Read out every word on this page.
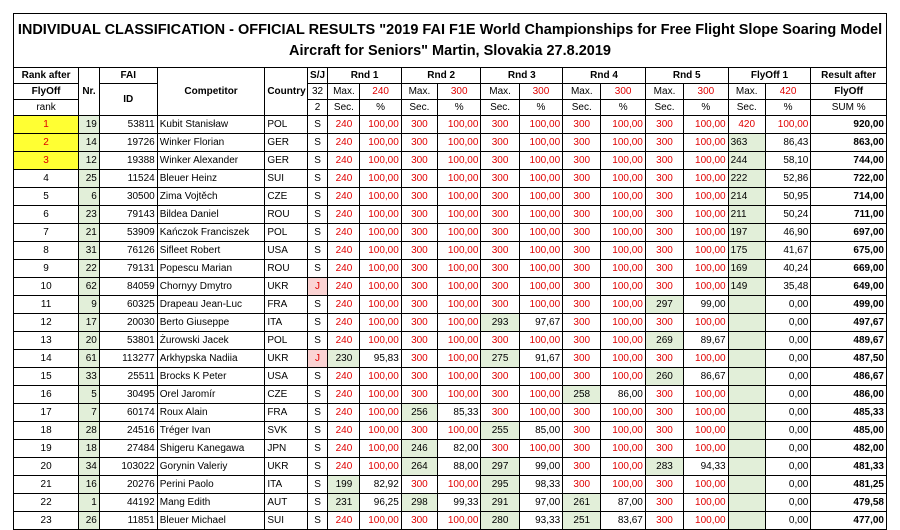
INDIVIDUAL CLASSIFICATION - OFFICIAL RESULTS "2019 FAI F1E World Championships for Free Flight Slope Soaring Model
Aircraft for Seniors" Martin, Slovakia 27.8.2019
Rank after	Nr.	FAI	Competitor	Country	S/J	Rnd 1		Rnd 2		Rnd 3		Rnd 4		Rnd 5		FlyOff 1		Result after
FlyOff		ID			32	Max.	240	Max.	300	Max.	300	Max.	300	Max.	300	Max.	420	FlyOff
rank					2	Sec.	%	Sec.	%	Sec.	%	Sec.	%	Sec.	%	Sec.	%	SUM %
1	19	53811	Kubit Stanisław	POL	S	240	100,00	300	100,00	300	100,00	300	100,00	300	100,00	420	100,00	920,00
2	14	19726	Winker Florian	GER	S	240	100,00	300	100,00	300	100,00	300	100,00	300	100,00	363	86,43	863,00
3	12	19388	Winker Alexander	GER	S	240	100,00	300	100,00	300	100,00	300	100,00	300	100,00	244	58,10	744,00
4	25	11524	Bleuer Heinz	SUI	S	240	100,00	300	100,00	300	100,00	300	100,00	300	100,00	222	52,86	722,00
5	6	30500	Zima Vojtěch	CZE	S	240	100,00	300	100,00	300	100,00	300	100,00	300	100,00	214	50,95	714,00
6	23	79143	Bildea Daniel	ROU	S	240	100,00	300	100,00	300	100,00	300	100,00	300	100,00	211	50,24	711,00
7	21	53909	Kańczok Franciszek	POL	S	240	100,00	300	100,00	300	100,00	300	100,00	300	100,00	197	46,90	697,00
8	31	76126	Sifleet Robert	USA	S	240	100,00	300	100,00	300	100,00	300	100,00	300	100,00	175	41,67	675,00
9	22	79131	Popescu Marian	ROU	S	240	100,00	300	100,00	300	100,00	300	100,00	300	100,00	169	40,24	669,00
10	62	84059	Chornyy Dmytro	UKR	J	240	100,00	300	100,00	300	100,00	300	100,00	300	100,00	149	35,48	649,00
11	9	60325	Drapeau Jean-Luc	FRA	S	240	100,00	300	100,00	300	100,00	300	100,00	297	99,00		0,00	499,00
12	17	20030	Berto Giuseppe	ITA	S	240	100,00	300	100,00	293	97,67	300	100,00	300	100,00		0,00	497,67
13	20	53801	Żurowski Jacek	POL	S	240	100,00	300	100,00	300	100,00	300	100,00	269	89,67		0,00	489,67
14	61	113277	Arkhypska Nadiia	UKR	J	230	95,83	300	100,00	275	91,67	300	100,00	300	100,00		0,00	487,50
15	33	25511	Brocks K Peter	USA	S	240	100,00	300	100,00	300	100,00	300	100,00	260	86,67		0,00	486,67
16	5	30495	Orel Jaromír	CZE	S	240	100,00	300	100,00	300	100,00	258	86,00	300	100,00		0,00	486,00
17	7	60174	Roux Alain	FRA	S	240	100,00	256	85,33	300	100,00	300	100,00	300	100,00		0,00	485,33
18	28	24516	Tréger Ivan	SVK	S	240	100,00	300	100,00	255	85,00	300	100,00	300	100,00		0,00	485,00
19	18	27484	Shigeru Kanegawa	JPN	S	240	100,00	246	82,00	300	100,00	300	100,00	300	100,00		0,00	482,00
20	34	103022	Gorynin Valeriy	UKR	S	240	100,00	264	88,00	297	99,00	300	100,00	283	94,33		0,00	481,33
21	16	20276	Perini Paolo	ITA	S	199	82,92	300	100,00	295	98,33	300	100,00	300	100,00		0,00	481,25
22	1	44192	Mang Edith	AUT	S	231	96,25	298	99,33	291	97,00	261	87,00	300	100,00		0,00	479,58
23	26	11851	Bleuer Michael	SUI	S	240	100,00	300	100,00	280	93,33	251	83,67	300	100,00		0,00	477,00
